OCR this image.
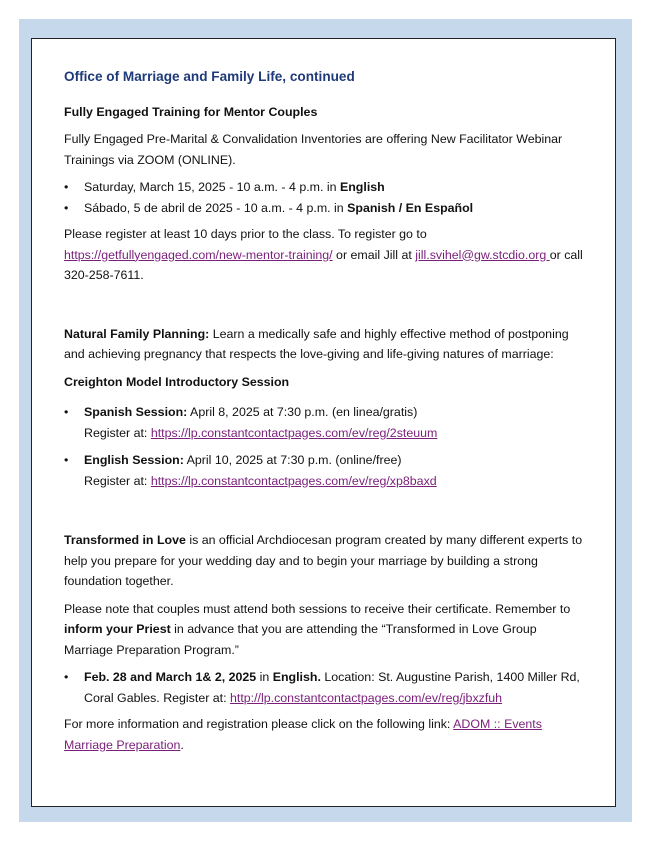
Office of Marriage and Family Life, continued
Fully Engaged Training for Mentor Couples
Fully Engaged Pre-Marital & Convalidation Inventories are offering New Facilitator Webinar Trainings via ZOOM (ONLINE).
• Saturday, March 15, 2025 - 10 a.m. - 4 p.m. in English
• Sábado, 5 de abril de 2025 - 10 a.m. - 4 p.m. in Spanish / En Español
Please register at least 10 days prior to the class. To register go to https://getfullyengaged.com/new-mentor-training/ or email Jill at jill.svihel@gw.stcdio.org or call 320-258-7611.
Natural Family Planning: Learn a medically safe and highly effective method of postponing and achieving pregnancy that respects the love-giving and life-giving natures of marriage:
Creighton Model Introductory Session
• Spanish Session: April 8, 2025 at 7:30 p.m. (en linea/gratis)
Register at: https://lp.constantcontactpages.com/ev/reg/2steuum
• English Session: April 10, 2025 at 7:30 p.m. (online/free)
Register at: https://lp.constantcontactpages.com/ev/reg/xp8baxd
Transformed in Love is an official Archdiocesan program created by many different experts to help you prepare for your wedding day and to begin your marriage by building a strong foundation together.
Please note that couples must attend both sessions to receive their certificate. Remember to inform your Priest in advance that you are attending the “Transformed in Love Group Marriage Preparation Program.”
• Feb. 28 and March 1& 2, 2025 in English. Location: St. Augustine Parish, 1400 Miller Rd, Coral Gables. Register at: http://lp.constantcontactpages.com/ev/reg/jbxzfuh
For more information and registration please click on the following link: ADOM :: Events Marriage Preparation.
